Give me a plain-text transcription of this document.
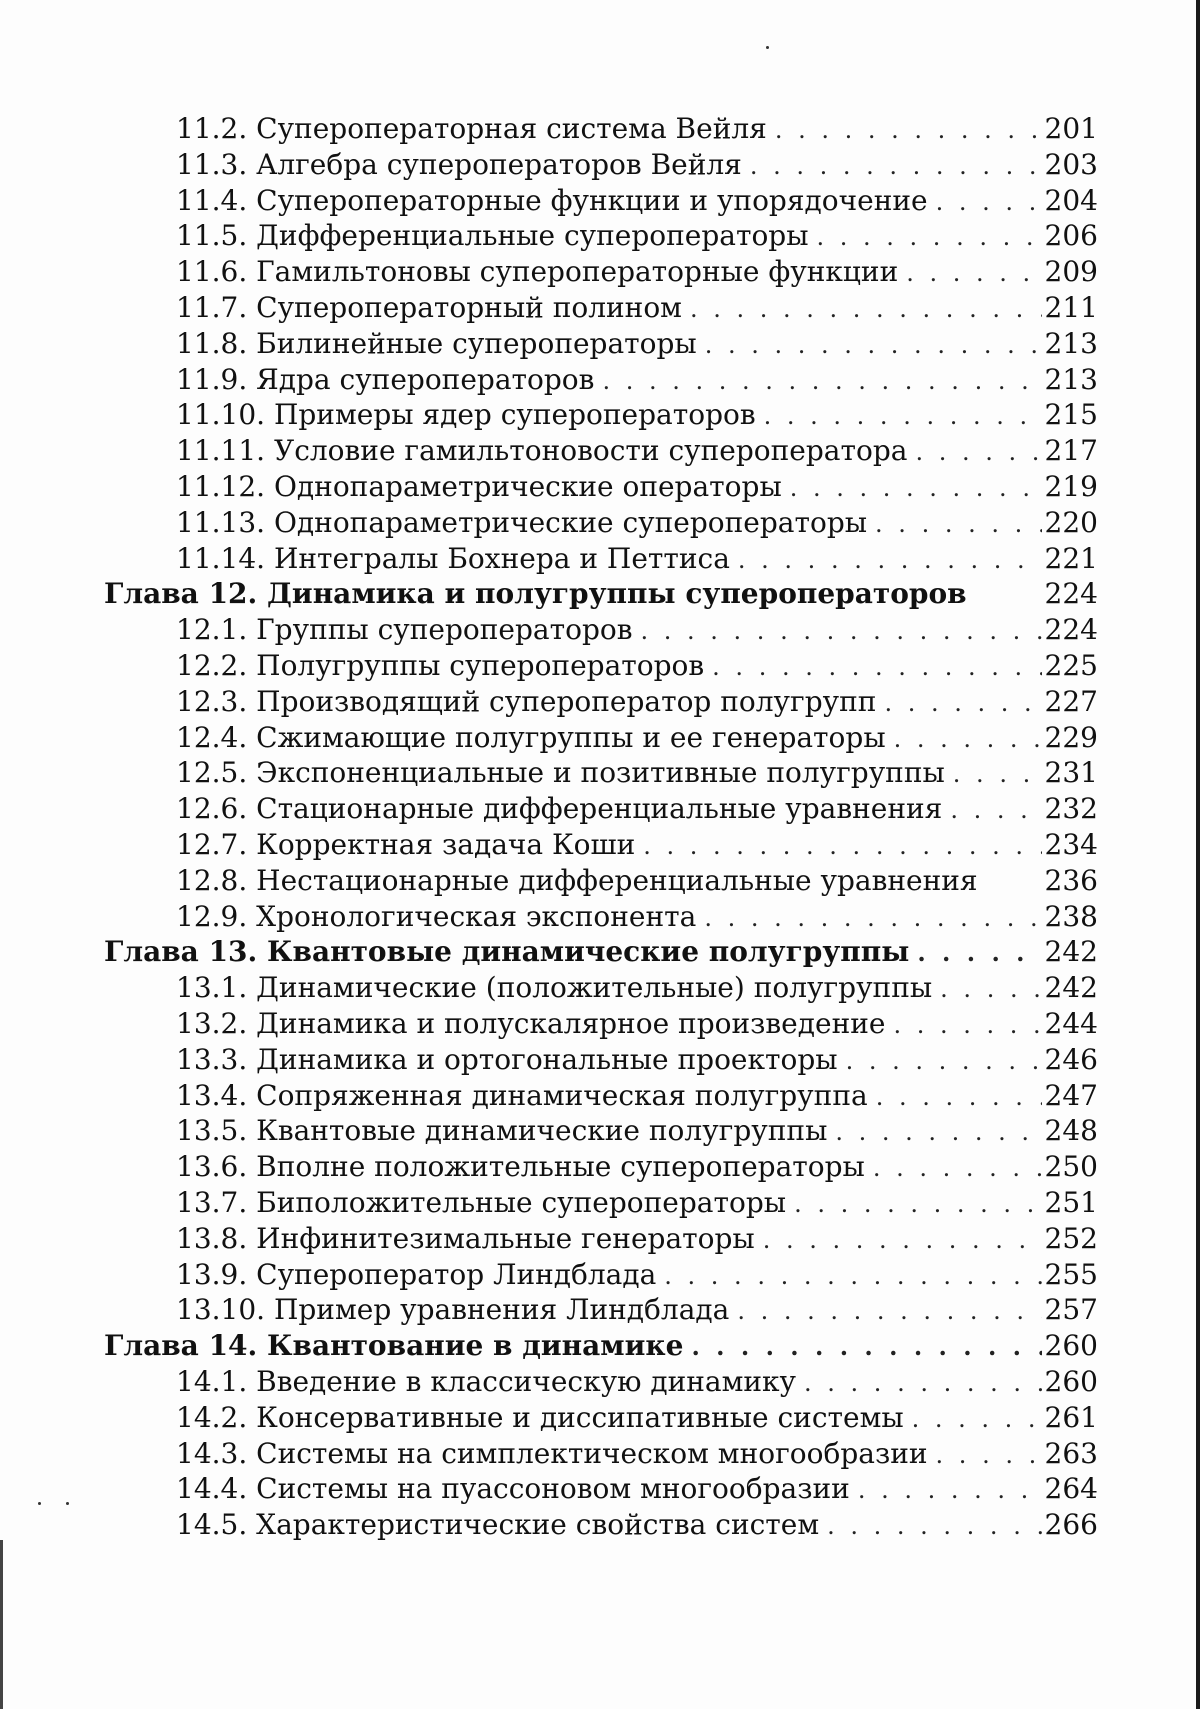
11.2. Супероператорная система Вейля . . .	201
11.3. Алгебра супероператоров Вейля . . .	203
11.4. Супероператорные функции и упорядочение . . .	204
11.5. Дифференциальные супероператоры . . .	206
11.6. Гамильтоновы супероператорные функции . . .	209
11.7. Супероператорный полином . . .	211
11.8. Билинейные супероператоры . . .	213
11.9. Ядра супероператоров . . .	213
11.10. Примеры ядер супероператоров . . .	215
11.11. Условие гамильтоновости супероператора . . .	217
11.12. Однопараметрические операторы . . .	219
11.13. Однопараметрические супероператоры . . .	220
11.14. Интегралы Бохнера и Петтиса . . .	221
Глава 12. Динамика и полугруппы супероператоров	224
12.1. Группы супероператоров . . .	224
12.2. Полугруппы супероператоров . . .	225
12.3. Производящий супероператор полугрупп . . .	227
12.4. Сжимающие полугруппы и ее генераторы . . .	229
12.5. Экспоненциальные и позитивные полугруппы . . .	231
12.6. Стационарные дифференциальные уравнения . . .	232
12.7. Корректная задача Коши . . .	234
12.8. Нестационарные дифференциальные уравнения 236
12.9. Хронологическая экспонента . . .	238
Глава 13. Квантовые динамические полугруппы . . .	242
13.1. Динамические (положительные) полугруппы . . .	242
13.2. Динамика и полускалярное произведение . . .	244
13.3. Динамика и ортогональные проекторы . . .	246
13.4. Сопряженная динамическая полугруппа . . .	247
13.5. Квантовые динамические полугруппы . . .	248
13.6. Вполне положительные супероператоры . . .	250
13.7. Биположительные супероператоры . . .	251
13.8. Инфинитезимальные генераторы . . .	252
13.9. Супероператор Линдблада . . .	255
13.10. Пример уравнения Линдблада . . .	257
Глава 14. Квантование в динамике . . .	260
14.1. Введение в классическую динамику . . .	260
14.2. Консервативные и диссипативные системы . . .	261
14.3. Системы на симплектическом многообразии . . .	263
14.4. Системы на пуассоновом многообразии . . .	264
14.5. Характеристические свойства систем . . .	266
